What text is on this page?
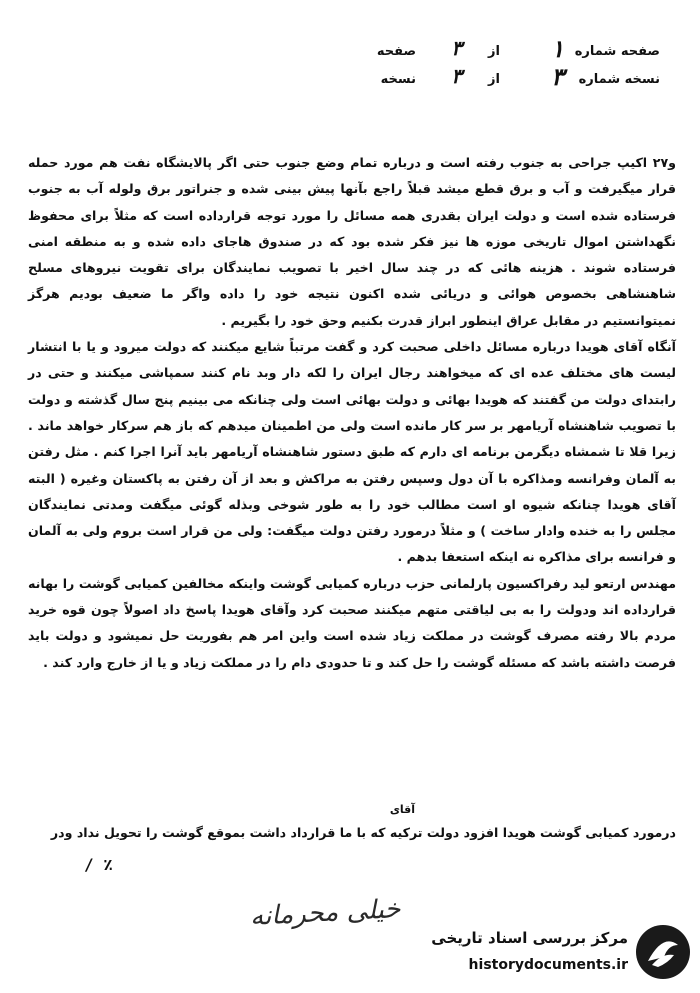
صفحه شماره
۱
از
۳
صفحه
نسخه شماره
۳
از
۳
نسخه

و۲۷ اکیپ جراحی به جنوب رفته است و درباره تمام وضع جنوب حتی اگر پالایشگاه نفت هم مورد حمله قرار میگیرفت و آب و برق قطع میشد قبلاً راجع بآنها پیش بینی شده و جنراتور برق ولوله آب به جنوب فرستاده شده است و دولت ایران بقدری همه مسائل را مورد توجه قرارداده است که مثلاً برای محفوظ نگهداشتن اموال تاریخی موزه ها نیز فکر شده بود که در صندوق هاجای داده شده و به منطقه امنی فرستاده شوند . هزینه هائی که در چند سال اخیر با تصویب نمایندگان برای تقویت نیروهای مسلح شاهنشاهی بخصوص هوائی و دریائی شده اکنون نتیجه خود را داده واگر ما ضعیف بودیم هرگز نمیتوانستیم در مقابل عراق اینطور ابراز قدرت بکنیم وحق خود را بگیریم .

آنگاه آقای هویدا درباره مسائل داخلی صحبت کرد و گفت مرتباً شایع میکنند که دولت میرود و یا با انتشار لیست های مختلف عده ای که میخواهند رجال ایران را لکه دار وبد نام کنند سمپاشی میکنند و حتی در رابتدای دولت من گفتند که هویدا بهائی و دولت بهائی است ولی چنانکه می بینیم پنج سال گذشته و دولت با تصویب شاهنشاه آریامهر بر سر کار مانده است ولی من اطمینان میدهم که باز هم سرکار خواهد ماند . زیرا قلا تا شمشاه دیگرمن برنامه ای دارم که طبق دستور شاهنشاه آریامهر باید آنرا اجرا کنم . مثل رفتن به آلمان وفرانسه ومذاکره با آن دول وسپس رفتن به مراکش و بعد از آن رفتن به پاکستان وغیره ( البته آقای هویدا چنانکه شیوه او است مطالب خود را به طور شوخی وبذله گوئی میگفت ومدتی نمایندگان مجلس را به خنده وادار ساخت ) و مثلاً درمورد رفتن دولت میگفت: ولی من قرار است بروم ولی به آلمان و فرانسه برای مذاکره نه اینکه استعفا بدهم .

مهندس ارتعو لید رفراکسیون پارلمانی حزب درباره کمیابی گوشت واینکه مخالفین کمیابی گوشت را بهانه قرارداده اند ودولت را به بی لیاقتی متهم میکنند صحبت کرد وآقای هویدا پاسخ داد اصولاً چون قوه خرید مردم بالا رفته مصرف گوشت در مملکت زیاد شده است واین امر هم بفوریت حل نمیشود و دولت باید فرصت داشته باشد که مسئله گوشت را حل کند و تا حدودی دام را در مملکت زیاد و یا از خارج وارد کند .

آقای
درمورد کمیابی گوشت هویدا افزود دولت ترکیه که با ما قرارداد داشت بموقع گوشت را تحویل نداد ودر
/ ٪
خیلی محرمانه
مرکز بررسی اسناد تاریخی
historydocuments.ir
